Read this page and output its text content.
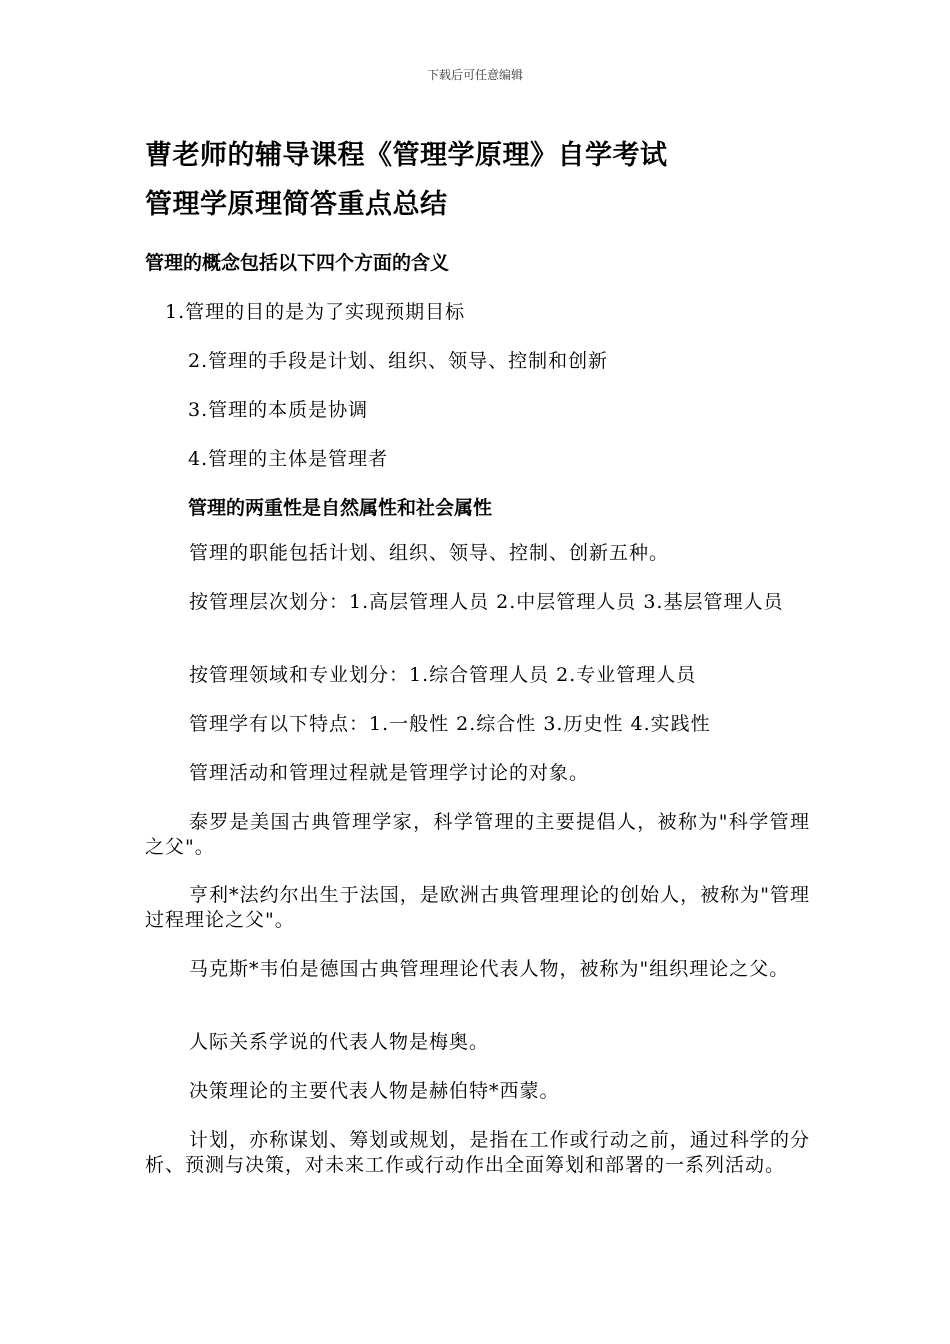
下载后可任意编辑
曹老师的辅导课程《管理学原理》自学考试
管理学原理简答重点总结
管理的概念包括以下四个方面的含义
1.管理的目的是为了实现预期目标
2.管理的手段是计划、组织、领导、控制和创新
3.管理的本质是协调
4.管理的主体是管理者
管理的两重性是自然属性和社会属性
管理的职能包括计划、组织、领导、控制、创新五种。
按管理层次划分：1.高层管理人员 2.中层管理人员 3.基层管理人员
按管理领域和专业划分：1.综合管理人员 2.专业管理人员
管理学有以下特点：1.一般性 2.综合性 3.历史性 4.实践性
管理活动和管理过程就是管理学讨论的对象。
泰罗是美国古典管理学家，科学管理的主要提倡人，被称为"科学管理之父"。
亨利*法约尔出生于法国，是欧洲古典管理理论的创始人，被称为"管理过程理论之父"。
马克斯*韦伯是德国古典管理理论代表人物，被称为"组织理论之父。
人际关系学说的代表人物是梅奥。
决策理论的主要代表人物是赫伯特*西蒙。
计划，亦称谋划、筹划或规划，是指在工作或行动之前，通过科学的分析、预测与决策，对未来工作或行动作出全面筹划和部署的一系列活动。
